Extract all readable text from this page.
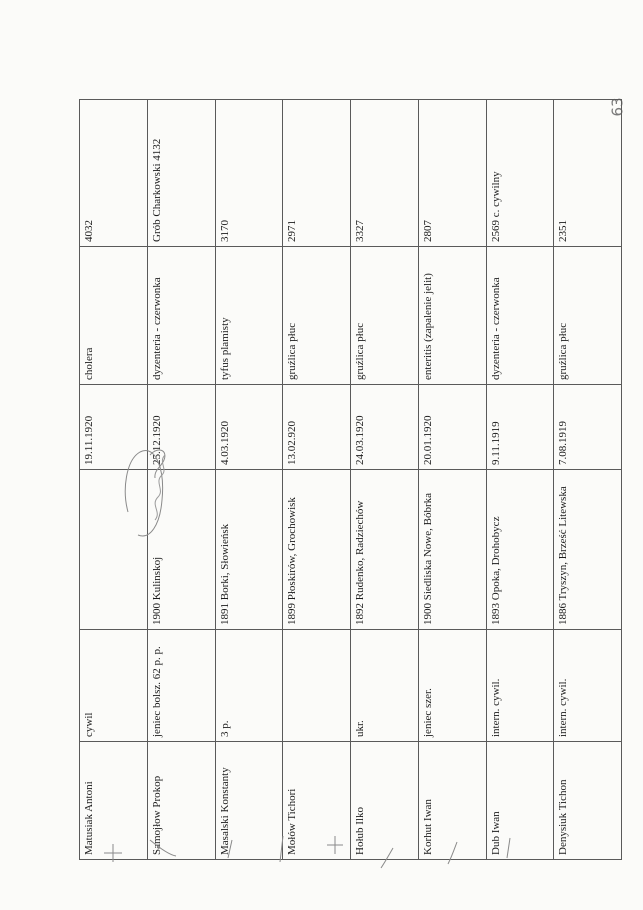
63
Matusiak Antoni	cywil		19.11.1920	cholera	4032
Samojłow Prokop	jeniec bolsz. 62 p. p.	1900 Kulinskoj	25.12.1920	dyzenteria - czerwonka	Grób Charkowski 4132
Masalski Konstanty	3 p.	1891 Borki, Słowieńsk	4.03.1920	tyfus plamisty	3170
Mołów Tichori		1899 Płoskirów, Grochowisk	13.02.920	gruźlica płuc	2971
Hołub Ilko	ukr.	1892 Rudenko, Radziechów	24.03.1920	gruźlica płuc	3327
Korhut Iwan	jeniec szer.	1900 Siedliska Nowe, Bóbrka	20.01.1920	enteritis (zapalenie jelit)	2807
Dub Iwan	intern. cywil.	1893 Opoka, Drohobycz	9.11.1919	dyzenteria - czerwonka	2569 c. cywilny
Denysiuk Tichon	intern. cywil.	1886 Tryszyn, Brześć Litewska	7.08.1919	gruźlica płuc	2351
